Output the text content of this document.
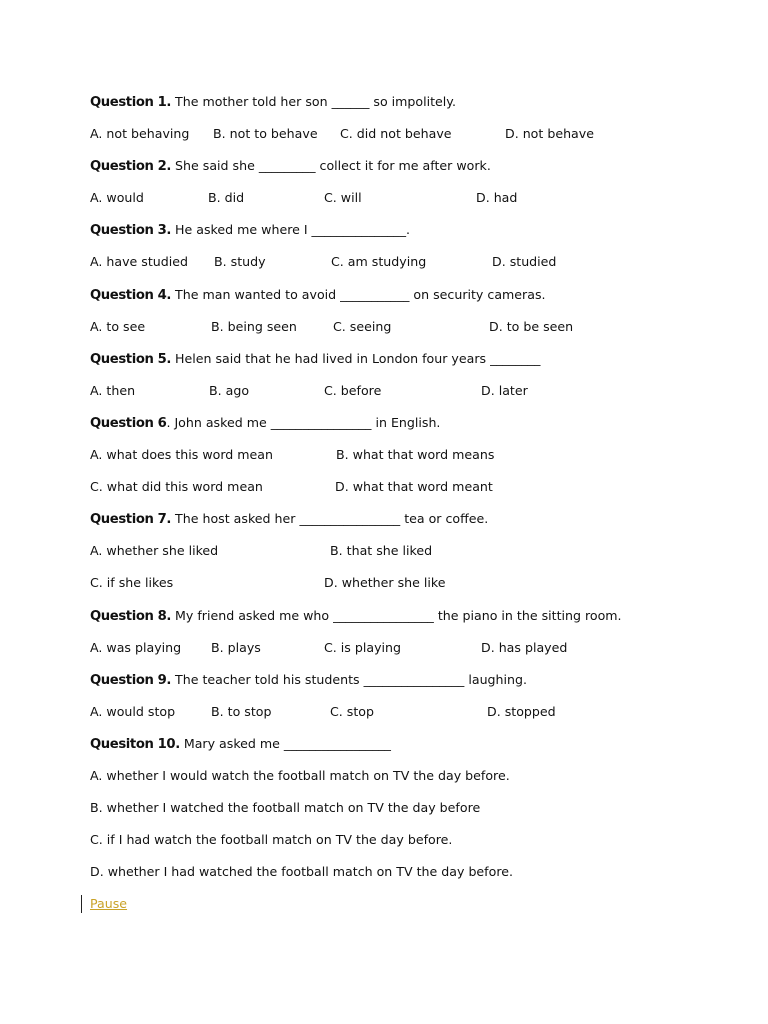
Question 1. The mother told her son ______ so impolitely.

A. not behaving

B. not to behave

C. did not behave

	D. not behave

Question 2. She said she _________ collect it for me after work.

A. would

	B. did

	C. will

	D. had

Question 3. He asked me where I _______________.

A. have studied

B. study

	C. am studying

	D. studied

Question 4. The man wanted to avoid ___________ on security cameras.

A. to see

	B. being seen

	C. seeing

	D. to be seen

Question 5. Helen said that he had lived in London four years ________

A. then

	B. ago

	C. before

	D. later

Question 6. John asked me ________________ in English.

A. what does this word mean

	B. what that word means

C. what did this word mean

	D. what that word meant

Question 7. The host asked her ________________ tea or coffee.

A. whether she liked

	B. that she liked

C. if she likes

	D. whether she like

Question 8. My friend asked me who ________________ the piano in the sitting room.

A. was playing

B. plays

	C. is playing

	D. has played

Question 9. The teacher told his students ________________ laughing.

A. would stop

	B. to stop

	C. stop

	D. stopped

Quesiton 10. Mary asked me _________________
A. whether I would watch the football match on TV the day before.
B. whether I watched the football match on TV the day before
C. if I had watch the football match on TV the day before.
D. whether I had watched the football match on TV the day before.
Pause
